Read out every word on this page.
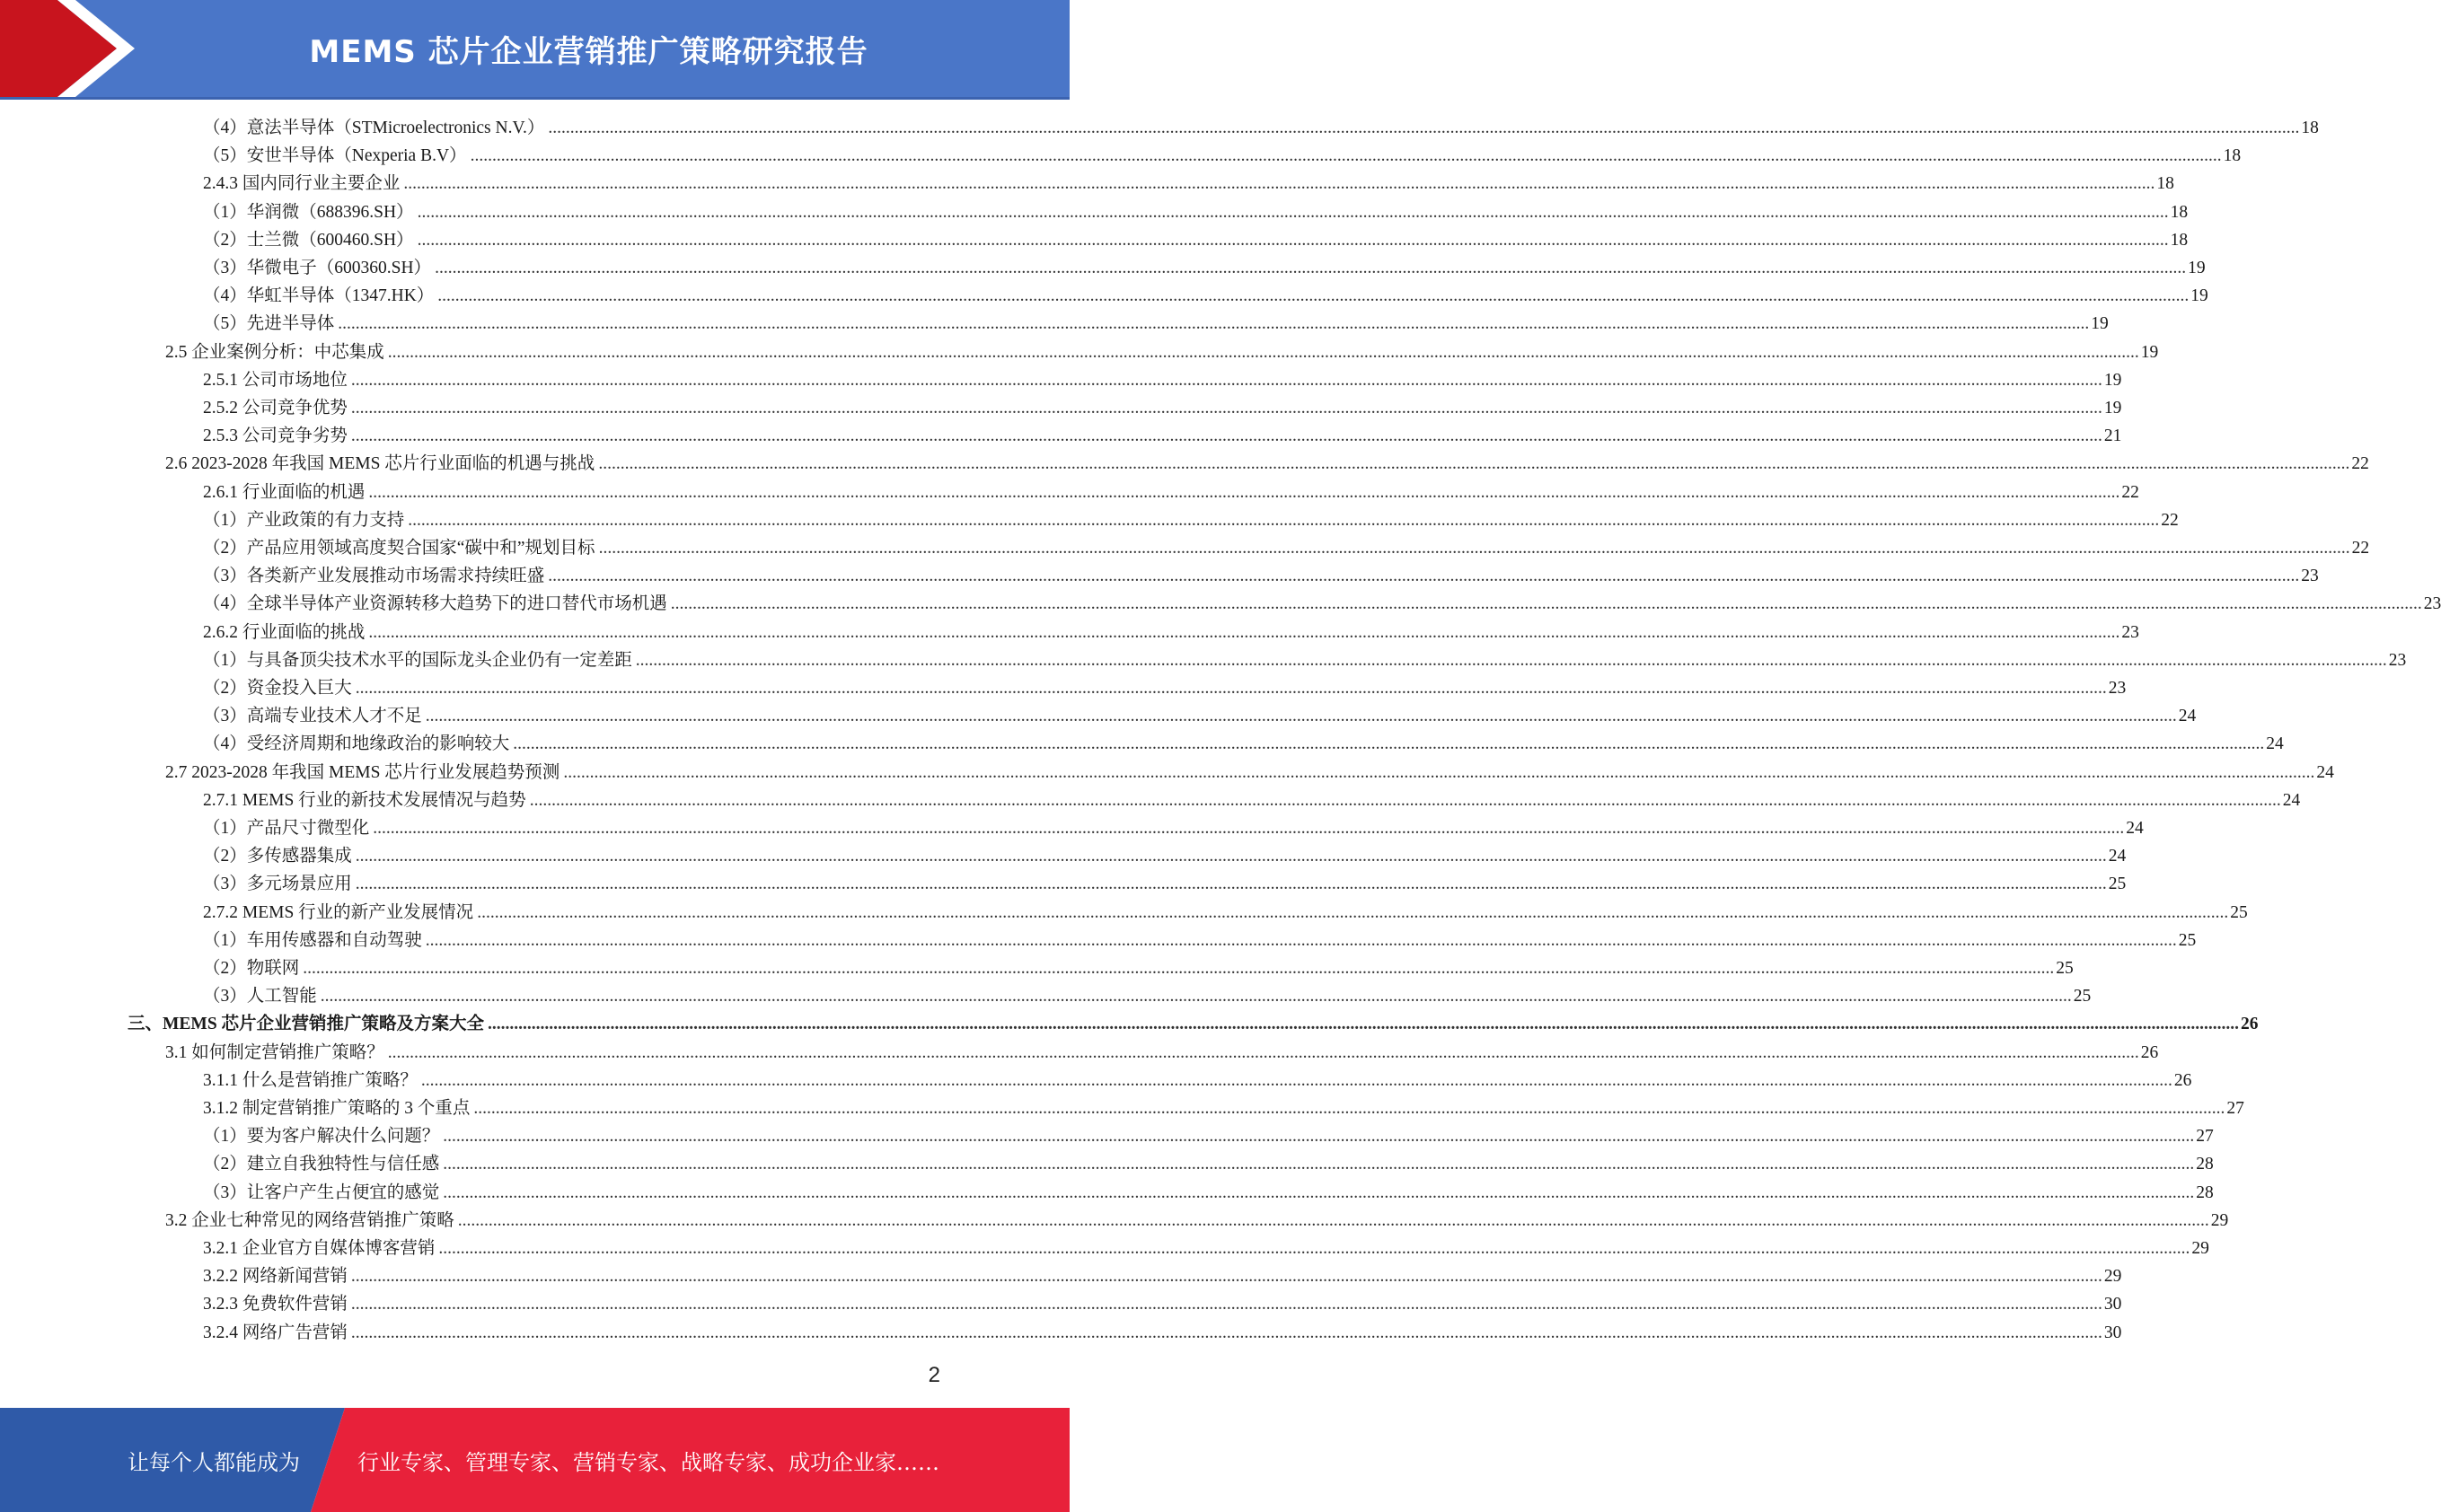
MEMS 芯片企业营销推广策略研究报告
（4）意法半导体（STMicroelectronics N.V.） ................................................................................................................................................................................................................................................................................................................................................................................................................ 18
（5）安世半导体（Nexperia B.V） ................................................................................................................................................................................................................................................................................................................................................................................................................ 18
2.4.3 国内同行业主要企业 ................................................................................................................................................................................................................................................................................................................................................................................................................ 18
（1）华润微（688396.SH） ................................................................................................................................................................................................................................................................................................................................................................................................................ 18
（2）士兰微（600460.SH） ................................................................................................................................................................................................................................................................................................................................................................................................................ 18
（3）华微电子（600360.SH） ................................................................................................................................................................................................................................................................................................................................................................................................................ 19
（4）华虹半导体（1347.HK） ................................................................................................................................................................................................................................................................................................................................................................................................................ 19
（5）先进半导体 ................................................................................................................................................................................................................................................................................................................................................................................................................ 19
2.5 企业案例分析：中芯集成 ................................................................................................................................................................................................................................................................................................................................................................................................................ 19
2.5.1 公司市场地位 ................................................................................................................................................................................................................................................................................................................................................................................................................ 19
2.5.2 公司竞争优势 ................................................................................................................................................................................................................................................................................................................................................................................................................ 19
2.5.3 公司竞争劣势 ................................................................................................................................................................................................................................................................................................................................................................................................................ 21
2.6 2023-2028 年我国 MEMS 芯片行业面临的机遇与挑战 ................................................................................................................................................................................................................................................................................................................................................................................................................ 22
2.6.1 行业面临的机遇 ................................................................................................................................................................................................................................................................................................................................................................................................................ 22
（1）产业政策的有力支持 ................................................................................................................................................................................................................................................................................................................................................................................................................ 22
（2）产品应用领域高度契合国家“碳中和”规划目标 ................................................................................................................................................................................................................................................................................................................................................................................................................ 22
（3）各类新产业发展推动市场需求持续旺盛 ................................................................................................................................................................................................................................................................................................................................................................................................................ 23
（4）全球半导体产业资源转移大趋势下的进口替代市场机遇 ................................................................................................................................................................................................................................................................................................................................................................................................................ 23
2.6.2 行业面临的挑战 ................................................................................................................................................................................................................................................................................................................................................................................................................ 23
（1）与具备顶尖技术水平的国际龙头企业仍有一定差距 ................................................................................................................................................................................................................................................................................................................................................................................................................ 23
（2）资金投入巨大 ................................................................................................................................................................................................................................................................................................................................................................................................................ 23
（3）高端专业技术人才不足 ................................................................................................................................................................................................................................................................................................................................................................................................................ 24
（4）受经济周期和地缘政治的影响较大 ................................................................................................................................................................................................................................................................................................................................................................................................................ 24
2.7 2023-2028 年我国 MEMS 芯片行业发展趋势预测 ................................................................................................................................................................................................................................................................................................................................................................................................................ 24
2.7.1 MEMS 行业的新技术发展情况与趋势 ................................................................................................................................................................................................................................................................................................................................................................................................................ 24
（1）产品尺寸微型化 ................................................................................................................................................................................................................................................................................................................................................................................................................ 24
（2）多传感器集成 ................................................................................................................................................................................................................................................................................................................................................................................................................ 24
（3）多元场景应用 ................................................................................................................................................................................................................................................................................................................................................................................................................ 25
2.7.2 MEMS 行业的新产业发展情况 ................................................................................................................................................................................................................................................................................................................................................................................................................ 25
（1）车用传感器和自动驾驶 ................................................................................................................................................................................................................................................................................................................................................................................................................ 25
（2）物联网 ................................................................................................................................................................................................................................................................................................................................................................................................................ 25
（3）人工智能 ................................................................................................................................................................................................................................................................................................................................................................................................................ 25
三、MEMS 芯片企业营销推广策略及方案大全 ................................................................................................................................................................................................................................................................................................................................................................................................................ 26
3.1 如何制定营销推广策略？ ................................................................................................................................................................................................................................................................................................................................................................................................................ 26
3.1.1 什么是营销推广策略？ ................................................................................................................................................................................................................................................................................................................................................................................................................ 26
3.1.2 制定营销推广策略的 3 个重点 ................................................................................................................................................................................................................................................................................................................................................................................................................ 27
（1）要为客户解决什么问题？ ................................................................................................................................................................................................................................................................................................................................................................................................................ 27
（2）建立自我独特性与信任感 ................................................................................................................................................................................................................................................................................................................................................................................................................ 28
（3）让客户产生占便宜的感觉 ................................................................................................................................................................................................................................................................................................................................................................................................................ 28
3.2 企业七种常见的网络营销推广策略 ................................................................................................................................................................................................................................................................................................................................................................................................................ 29
3.2.1 企业官方自媒体博客营销 ................................................................................................................................................................................................................................................................................................................................................................................................................ 29
3.2.2 网络新闻营销 ................................................................................................................................................................................................................................................................................................................................................................................................................ 29
3.2.3 免费软件营销 ................................................................................................................................................................................................................................................................................................................................................................................................................ 30
3.2.4 网络广告营销 ................................................................................................................................................................................................................................................................................................................................................................................................................ 30
2
让每个人都能成为	行业专家、管理专家、营销专家、战略专家、成功企业家……
